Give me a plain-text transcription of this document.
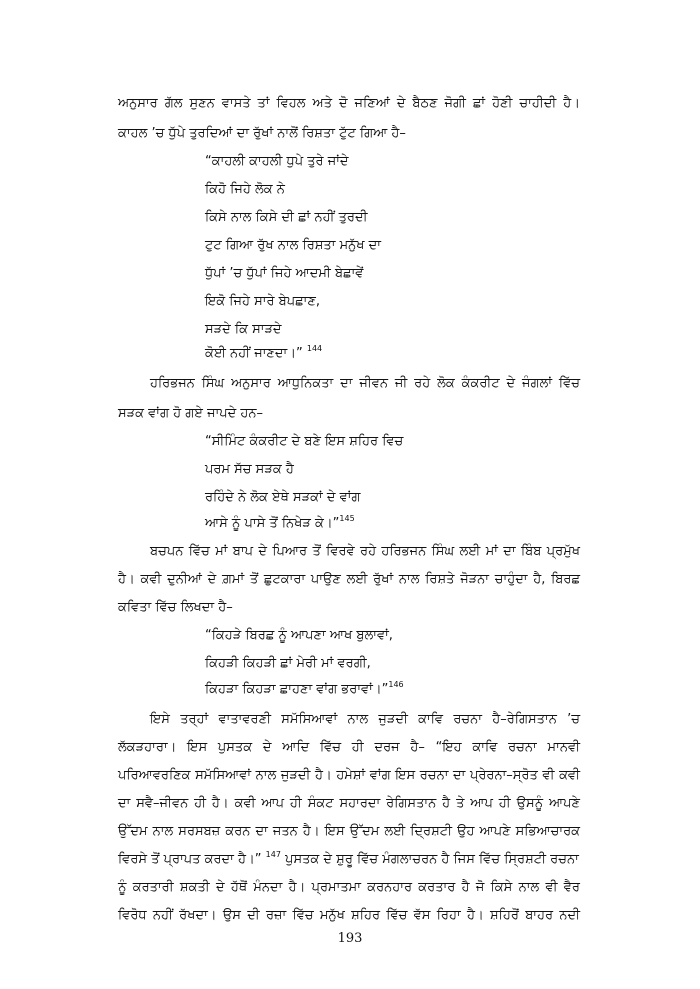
ਅਨੁਸਾਰ ਗੱਲ ਸੁਣਨ ਵਾਸਤੇ ਤਾਂ ਵਿਹਲ ਅਤੇ ਦੋ ਜਣਿਆਂ ਦੇ ਬੈਠਣ ਜੋਗੀ ਛਾਂ ਹੋਣੀ ਚਾਹੀਦੀ ਹੈ।
ਕਾਹਲ ’ਚ ਧੁੱਪੇ ਤੁਰਦਿਆਂ ਦਾ ਰੁੱਖਾਂ ਨਾਲੋਂ ਰਿਸ਼ਤਾ ਟੁੱਟ ਗਿਆ ਹੈ–
“ਕਾਹਲੀ ਕਾਹਲੀ ਧੁਪੇ ਤੁਰੇ ਜਾਂਦੇ
ਕਿਹੋ ਜਿਹੇ ਲੋਕ ਨੇ
ਕਿਸੇ ਨਾਲ ਕਿਸੇ ਦੀ ਛਾਂ ਨਹੀਂ ਤੁਰਦੀ
ਟੁਟ ਗਿਆ ਰੁੱਖ ਨਾਲ ਰਿਸ਼ਤਾ ਮਨੁੱਖ ਦਾ
ਧੁੱਪਾਂ ’ਚ ਧੁੱਪਾਂ ਜਿਹੇ ਆਦਮੀ ਬੇਛਾਵੇਂ
ਇਕੋ ਜਿਹੇ ਸਾਰੇ ਬੇਪਛਾਣ,
ਸੜਦੇ ਕਿ ਸਾੜਦੇ
ਕੋਈ ਨਹੀਂ ਜਾਣਦਾ।” $^{144}$
ਹਰਿਭਜਨ ਸਿੰਘ ਅਨੁਸਾਰ ਆਧੁਨਿਕਤਾ ਦਾ ਜੀਵਨ ਜੀ ਰਹੇ ਲੋਕ ਕੰਕਰੀਟ ਦੇ ਜੰਗਲਾਂ ਵਿੱਚ
ਸੜਕ ਵਾਂਗ ਹੋ ਗਏ ਜਾਪਦੇ ਹਨ–
“ਸੀਮਿੰਟ ਕੰਕਰੀਟ ਦੇ ਬਣੇ ਇਸ ਸ਼ਹਿਰ ਵਿਚ
ਪਰਮ ਸੱਚ ਸੜਕ ਹੈ
ਰਹਿੰਦੇ ਨੇ ਲੋਕ ਏਥੇ ਸੜਕਾਂ ਦੇ ਵਾਂਗ
ਆਸੇ ਨੂੰ ਪਾਸੇ ਤੋਂ ਨਿਖੇੜ ਕੇ।”$^{145}$
ਬਚਪਨ ਵਿੱਚ ਮਾਂ ਬਾਪ ਦੇ ਪਿਆਰ ਤੋਂ ਵਿਰਵੇ ਰਹੇ ਹਰਿਭਜਨ ਸਿੰਘ ਲਈ ਮਾਂ ਦਾ ਬਿੰਬ ਪ੍ਰਮੁੱਖ
ਹੈ। ਕਵੀ ਦੁਨੀਆਂ ਦੇ ਗ਼ਮਾਂ ਤੋਂ ਛੁਟਕਾਰਾ ਪਾਉਣ ਲਈ ਰੁੱਖਾਂ ਨਾਲ ਰਿਸ਼ਤੇ ਜੋੜਨਾ ਚਾਹੁੰਦਾ ਹੈ, ਬਿਰਛ
ਕਵਿਤਾ ਵਿੱਚ ਲਿਖਦਾ ਹੈ–
“ਕਿਹੜੇ ਬਿਰਛ ਨੂੰ ਆਪਣਾ ਆਖ ਬੁਲਾਵਾਂ,
ਕਿਹੜੀ ਕਿਹੜੀ ਛਾਂ ਮੇਰੀ ਮਾਂ ਵਰਗੀ,
ਕਿਹੜਾ ਕਿਹੜਾ ਛਾਹਣਾ ਵਾਂਗ ਭਰਾਵਾਂ।”$^{146}$
ਇਸੇ ਤਰ੍ਹਾਂ ਵਾਤਾਵਰਣੀ ਸਮੱਸਿਆਵਾਂ ਨਾਲ ਜੁੜਦੀ ਕਾਵਿ ਰਚਨਾ ਹੈ–ਰੇਗਿਸਤਾਨ ’ਚ
ਲੱਕੜਹਾਰਾ। ਇਸ ਪੁਸਤਕ ਦੇ ਆਦਿ ਵਿੱਚ ਹੀ ਦਰਜ ਹੈ– “ਇਹ ਕਾਵਿ ਰਚਨਾ ਮਾਨਵੀ
ਪਰਿਆਵਰਣਿਕ ਸਮੱਸਿਆਵਾਂ ਨਾਲ ਜੁੜਦੀ ਹੈ। ਹਮੇਸ਼ਾਂ ਵਾਂਗ ਇਸ ਰਚਨਾ ਦਾ ਪ੍ਰੇਰਨਾ–ਸ੍ਰੋਤ ਵੀ ਕਵੀ
ਦਾ ਸਵੈ–ਜੀਵਨ ਹੀ ਹੈ। ਕਵੀ ਆਪ ਹੀ ਸੰਕਟ ਸਹਾਰਦਾ ਰੇਗਿਸਤਾਨ ਹੈ ਤੇ ਆਪ ਹੀ ਉਸਨੂੰ ਆਪਣੇ
ਉੱਦਮ ਨਾਲ ਸਰਸਬਜ਼ ਕਰਨ ਦਾ ਜਤਨ ਹੈ। ਇਸ ਉੱਦਮ ਲਈ ਦ੍ਰਿਸ਼ਟੀ ਉਹ ਆਪਣੇ ਸਭਿਆਚਾਰਕ
ਵਿਰਸੇ ਤੋਂ ਪ੍ਰਾਪਤ ਕਰਦਾ ਹੈ।” $^{147}$ ਪੁਸਤਕ ਦੇ ਸ਼ੁਰੂ ਵਿੱਚ ਮੰਗਲਾਚਰਨ ਹੈ ਜਿਸ ਵਿੱਚ ਸ੍ਰਿਸ਼ਟੀ ਰਚਨਾ
ਨੂੰ ਕਰਤਾਰੀ ਸ਼ਕਤੀ ਦੇ ਹੱਥੋਂ ਮੰਨਦਾ ਹੈ। ਪ੍ਰਮਾਤਮਾ ਕਰਨਹਾਰ ਕਰਤਾਰ ਹੈ ਜੋ ਕਿਸੇ ਨਾਲ ਵੀ ਵੈਰ
ਵਿਰੋਧ ਨਹੀਂ ਰੱਖਦਾ। ਉਸ ਦੀ ਰਜ਼ਾ ਵਿੱਚ ਮਨੁੱਖ ਸ਼ਹਿਰ ਵਿੱਚ ਵੱਸ ਰਿਹਾ ਹੈ। ਸ਼ਹਿਰੋਂ ਬਾਹਰ ਨਦੀ
193
